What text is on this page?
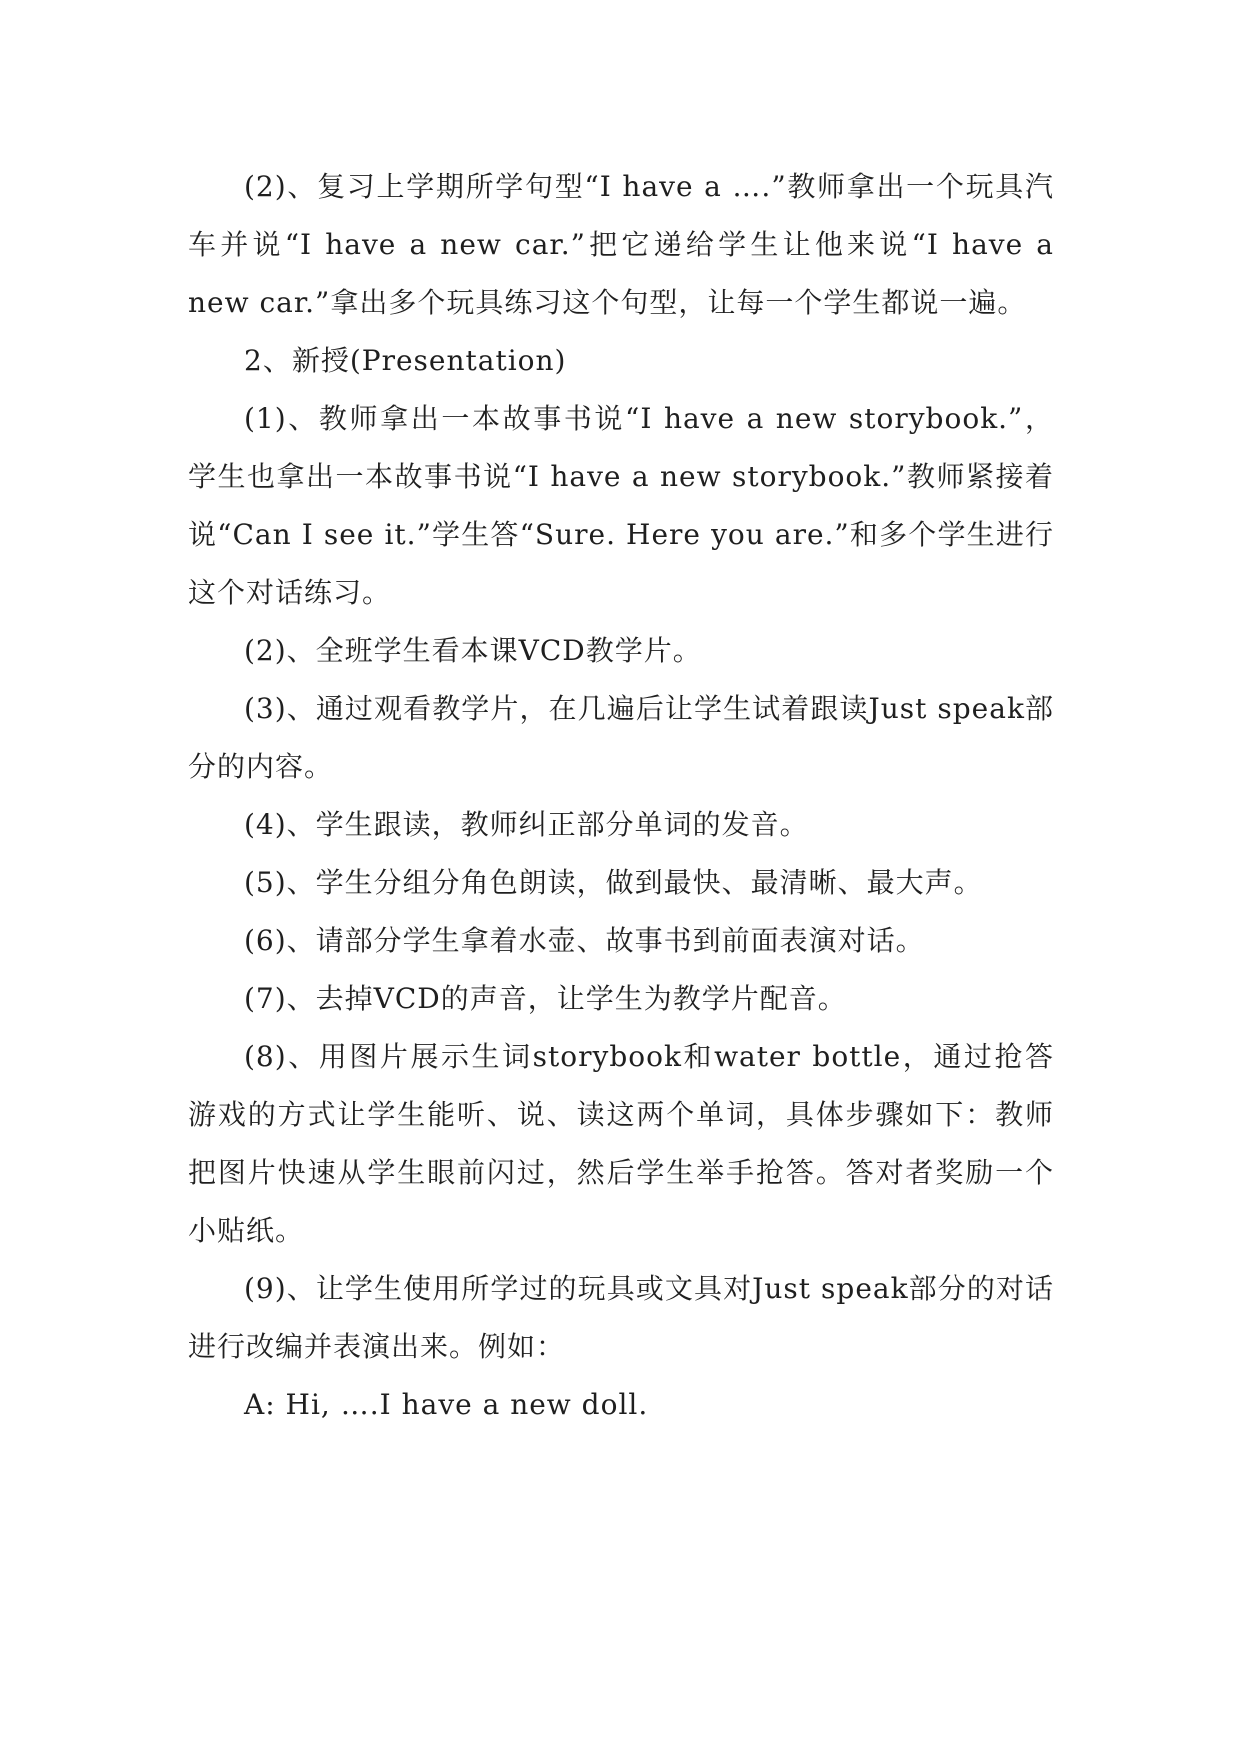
(2)、复习上学期所学句型“I have a ….”教师拿出一个玩具汽车并说“I have a new car.”把它递给学生让他来说“I have a new car.”拿出多个玩具练习这个句型，让每一个学生都说一遍。

2、新授(Presentation)

(1)、教师拿出一本故事书说“I have a new storybook.”，学生也拿出一本故事书说“I have a new storybook.”教师紧接着说“Can I see it.”学生答“Sure. Here you are.”和多个学生进行这个对话练习。

(2)、全班学生看本课VCD教学片。

(3)、通过观看教学片，在几遍后让学生试着跟读Just speak部分的内容。

(4)、学生跟读，教师纠正部分单词的发音。

(5)、学生分组分角色朗读，做到最快、最清晰、最大声。

(6)、请部分学生拿着水壶、故事书到前面表演对话。

(7)、去掉VCD的声音，让学生为教学片配音。

(8)、用图片展示生词storybook和water bottle，通过抢答游戏的方式让学生能听、说、读这两个单词，具体步骤如下：教师把图片快速从学生眼前闪过，然后学生举手抢答。答对者奖励一个小贴纸。

(9)、让学生使用所学过的玩具或文具对Just speak部分的对话进行改编并表演出来。例如：

A: Hi, ….I have a new doll.
